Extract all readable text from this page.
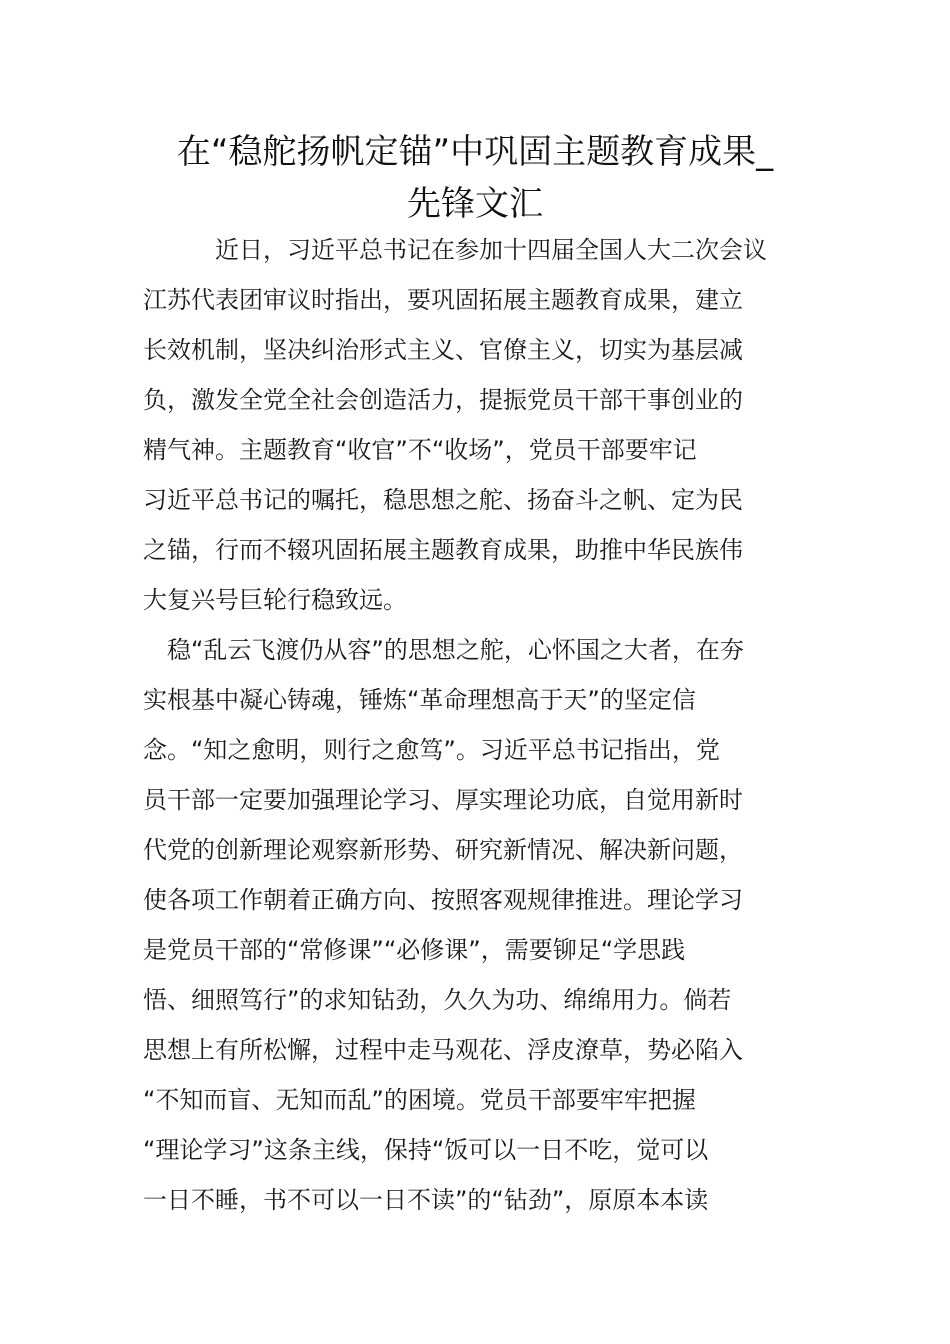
在“稳舵扬帆定锚”中巩固主题教育成果_
先锋文汇

近日，习近平总书记在参加十四届全国人大二次会议
江苏代表团审议时指出，要巩固拓展主题教育成果，建立
长效机制，坚决纠治形式主义、官僚主义，切实为基层减
负，激发全党全社会创造活力，提振党员干部干事创业的
精气神。主题教育“收官”不“收场”，党员干部要牢记
习近平总书记的嘱托，稳思想之舵、扬奋斗之帆、定为民
之锚，行而不辍巩固拓展主题教育成果，助推中华民族伟
大复兴号巨轮行稳致远。

稳“乱云飞渡仍从容”的思想之舵，心怀国之大者，在夯
实根基中凝心铸魂，锤炼“革命理想高于天”的坚定信
念。“知之愈明，则行之愈笃”。习近平总书记指出，党
员干部一定要加强理论学习、厚实理论功底，自觉用新时
代党的创新理论观察新形势、研究新情况、解决新问题，
使各项工作朝着正确方向、按照客观规律推进。理论学习
是党员干部的“常修课”“必修课”，需要铆足“学思践
悟、细照笃行”的求知钻劲，久久为功、绵绵用力。倘若
思想上有所松懈，过程中走马观花、浮皮潦草，势必陷入
“不知而盲、无知而乱”的困境。党员干部要牢牢把握
“理论学习”这条主线，保持“饭可以一日不吃，觉可以
一日不睡，书不可以一日不读”的“钻劲”，原原本本读
